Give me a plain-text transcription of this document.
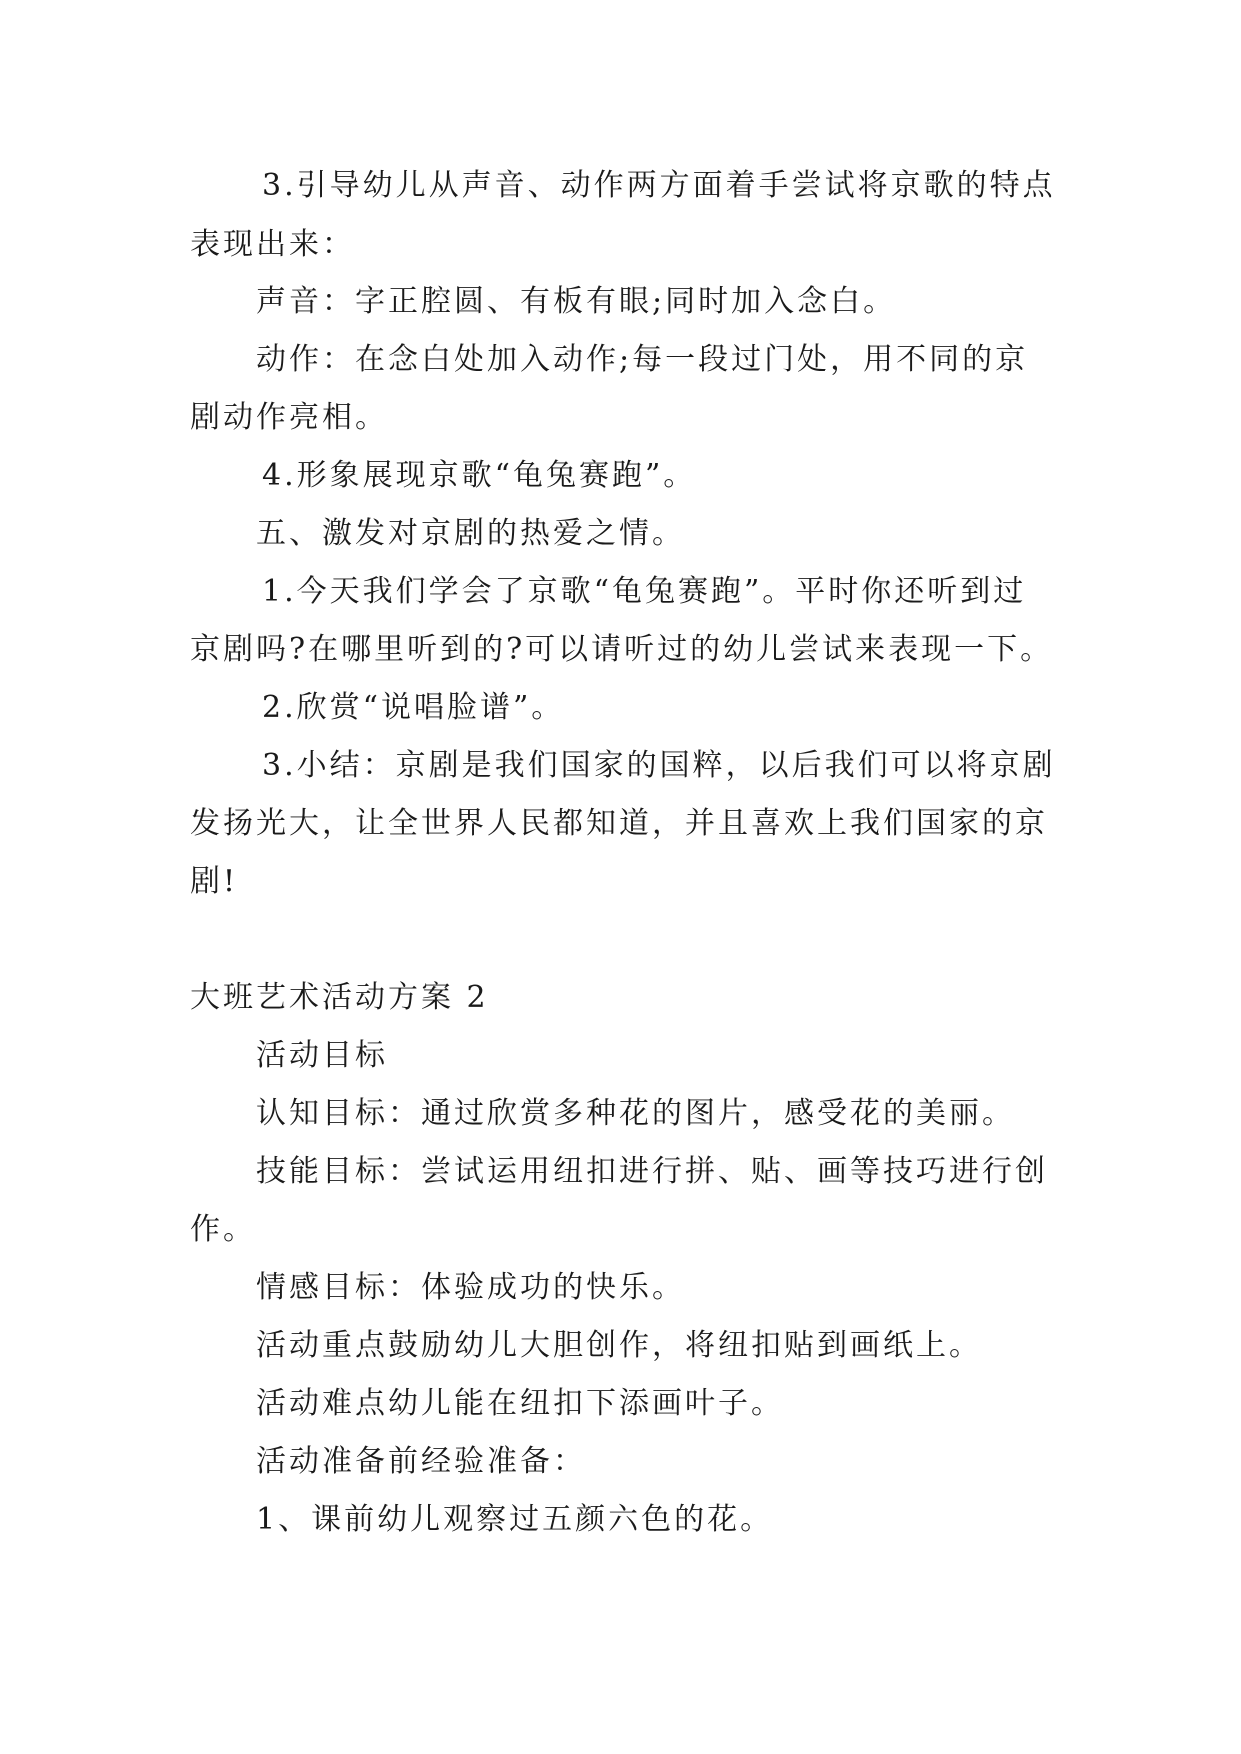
3.引导幼儿从声音、动作两方面着手尝试将京歌的特点
表现出来：
声音：字正腔圆、有板有眼;同时加入念白。
动作：在念白处加入动作;每一段过门处，用不同的京
剧动作亮相。
4.形象展现京歌“龟兔赛跑”。
五、激发对京剧的热爱之情。
1.今天我们学会了京歌“龟兔赛跑”。平时你还听到过
京剧吗?在哪里听到的?可以请听过的幼儿尝试来表现一下。
2.欣赏“说唱脸谱”。
3.小结：京剧是我们国家的国粹，以后我们可以将京剧
发扬光大，让全世界人民都知道，并且喜欢上我们国家的京
剧!
大班艺术活动方案 2
活动目标
认知目标：通过欣赏多种花的图片，感受花的美丽。
技能目标：尝试运用纽扣进行拼、贴、画等技巧进行创
作。
情感目标：体验成功的快乐。
活动重点鼓励幼儿大胆创作，将纽扣贴到画纸上。
活动难点幼儿能在纽扣下添画叶子。
活动准备前经验准备：
1、课前幼儿观察过五颜六色的花。
